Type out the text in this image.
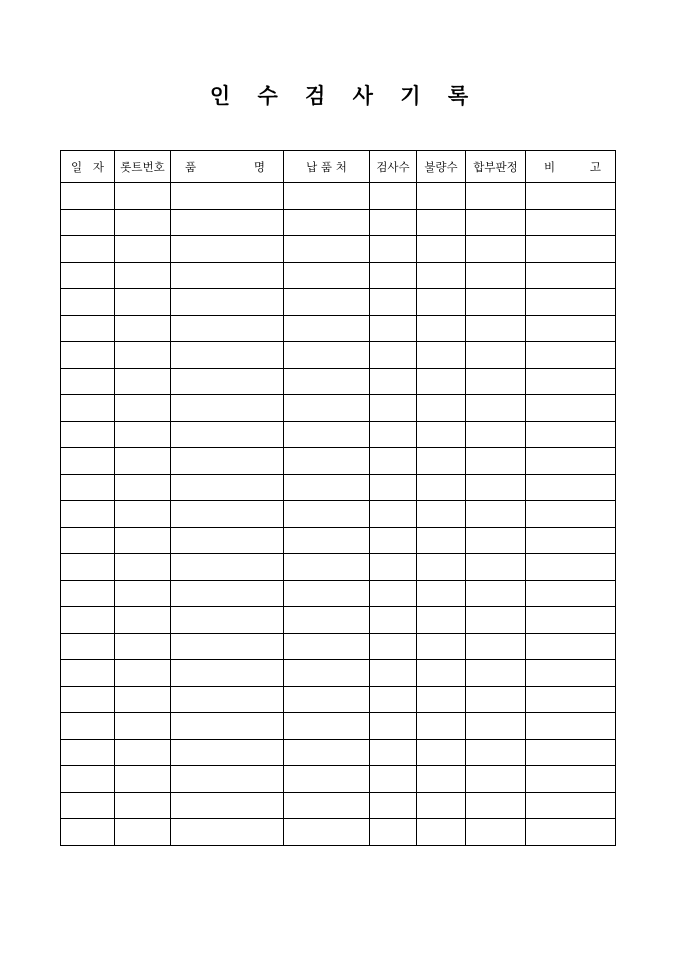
인 수 검 사 기 록
일 자	롯트번호	품 명	납 품 처	검사수	불량수	합부판정	비 고
